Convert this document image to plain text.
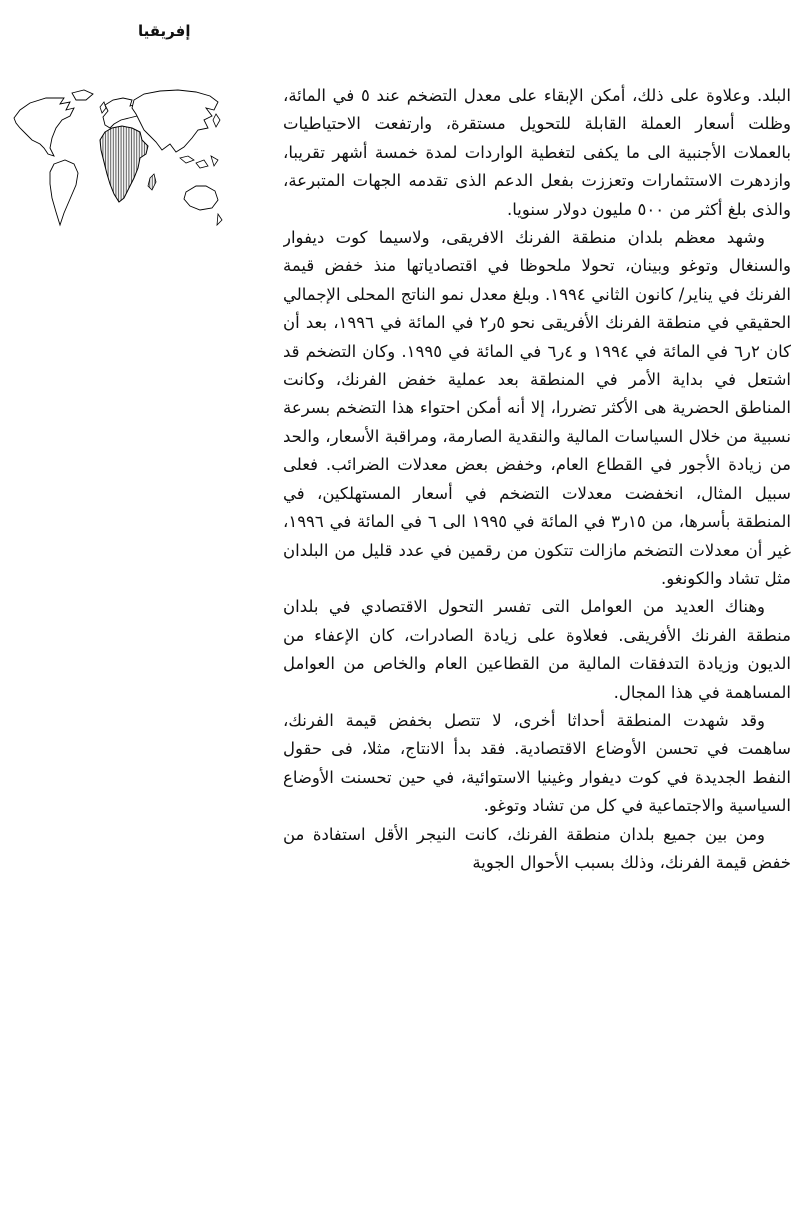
إفريقيا

البلد. وعلاوة على ذلك، أمكن الإبقاء على معدل التضخم عند ٥ في المائة، وظلت أسعار العملة القابلة للتحويل مستقرة، وارتفعت الاحتياطيات بالعملات الأجنبية الى ما يكفى لتغطية الواردات لمدة خمسة أشهر تقريبا، وازدهرت الاستثمارات وتعززت بفعل الدعم الذى تقدمه الجهات المتبرعة، والذى بلغ أكثر من ٥٠٠ مليون دولار سنويا.

وشهد معظم بلدان منطقة الفرنك الافريقى، ولاسيما كوت ديفوار والسنغال وتوغو وبينان، تحولا ملحوظا في اقتصادياتها منذ خفض قيمة الفرنك في يناير/ كانون الثاني ١٩٩٤. وبلغ معدل نمو الناتج المحلى الإجمالي الحقيقي في منطقة الفرنك الأفريقى نحو ٥ر٢ في المائة في ١٩٩٦، بعد أن كان ٢ر٦ في المائة في ١٩٩٤ و ٤ر٦ في المائة في ١٩٩٥. وكان التضخم قد اشتعل في بداية الأمر في المنطقة بعد عملية خفض الفرنك، وكانت المناطق الحضرية هى الأكثر تضررا، إلا أنه أمكن احتواء هذا التضخم بسرعة نسبية من خلال السياسات المالية والنقدية الصارمة، ومراقبة الأسعار، والحد من زيادة الأجور في القطاع العام، وخفض بعض معدلات الضرائب. فعلى سبيل المثال، انخفضت معدلات التضخم في أسعار المستهلكين، في المنطقة بأسرها، من ١٥ر٣ في المائة في ١٩٩٥ الى ٦ في المائة في ١٩٩٦، غير أن معدلات التضخم مازالت تتكون من رقمين في عدد قليل من البلدان مثل تشاد والكونغو.

وهناك العديد من العوامل التى تفسر التحول الاقتصادي في بلدان منطقة الفرنك الأفريقى. فعلاوة على زيادة الصادرات، كان الإعفاء من الديون وزيادة التدفقات المالية من القطاعين العام والخاص من العوامل المساهمة في هذا المجال.

وقد شهدت المنطقة أحداثا أخرى، لا تتصل بخفض قيمة الفرنك، ساهمت في تحسن الأوضاع الاقتصادية. فقد بدأ الانتاج، مثلا، فى حقول النفط الجديدة في كوت ديفوار وغينيا الاستوائية، في حين تحسنت الأوضاع السياسية والاجتماعية في كل من تشاد وتوغو.

ومن بين جميع بلدان منطقة الفرنك، كانت النيجر الأقل استفادة من خفض قيمة الفرنك، وذلك بسبب الأحوال الجوية
